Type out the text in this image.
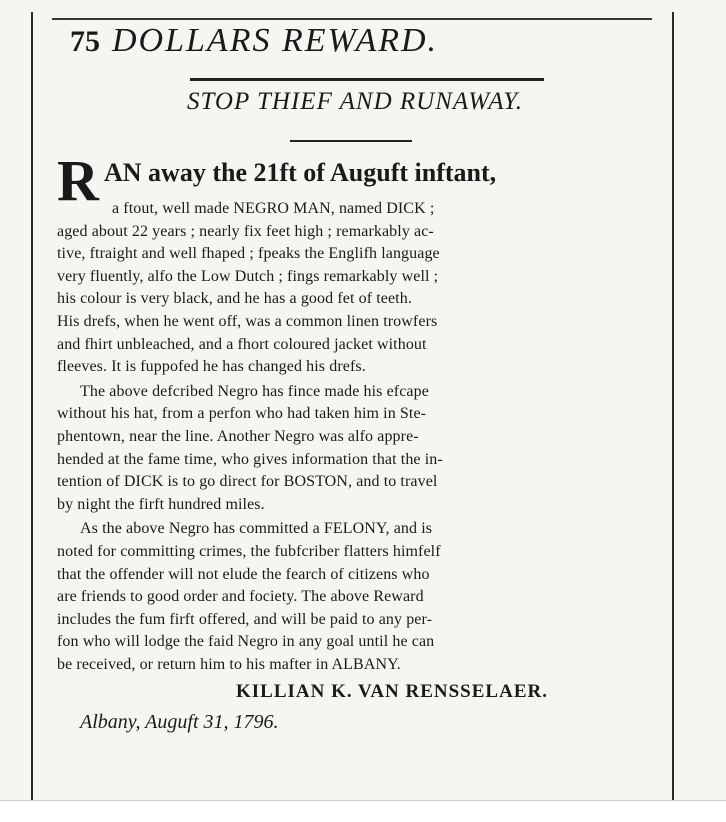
75 DOLLARS REWARD.
STOP THIEF AND RUNAWAY.
R AN away the 21ft of Auguft inftant,
a ftout, well made NEGRO MAN, named DICK ;
aged about 22 years ; nearly fix feet high ; remarkably ac-
tive, ftraight and well fhaped ; fpeaks the Englifh language
very fluently, alfo the Low Dutch ; fings remarkably well ;
his colour is very black, and he has a good fet of teeth.
His drefs, when he went off, was a common linen trowfers
and fhirt unbleached, and a fhort coloured jacket without
fleeves. It is fuppofed he has changed his drefs.
The above defcribed Negro has fince made his efcape
without his hat, from a perfon who had taken him in Ste-
phentown, near the line. Another Negro was alfo appre-
hended at the fame time, who gives information that the in-
tention of DICK is to go direct for BOSTON, and to travel
by night the firft hundred miles.
As the above Negro has committed a FELONY, and is
noted for committing crimes, the fubfcriber flatters himfelf
that the offender will not elude the fearch of citizens who
are friends to good order and fociety. The above Reward
includes the fum firft offered, and will be paid to any per-
fon who will lodge the faid Negro in any goal until he can
be received, or return him to his mafter in ALBANY.
KILLIAN K. VAN RENSSELAER.
Albany, Auguft 31, 1796.
